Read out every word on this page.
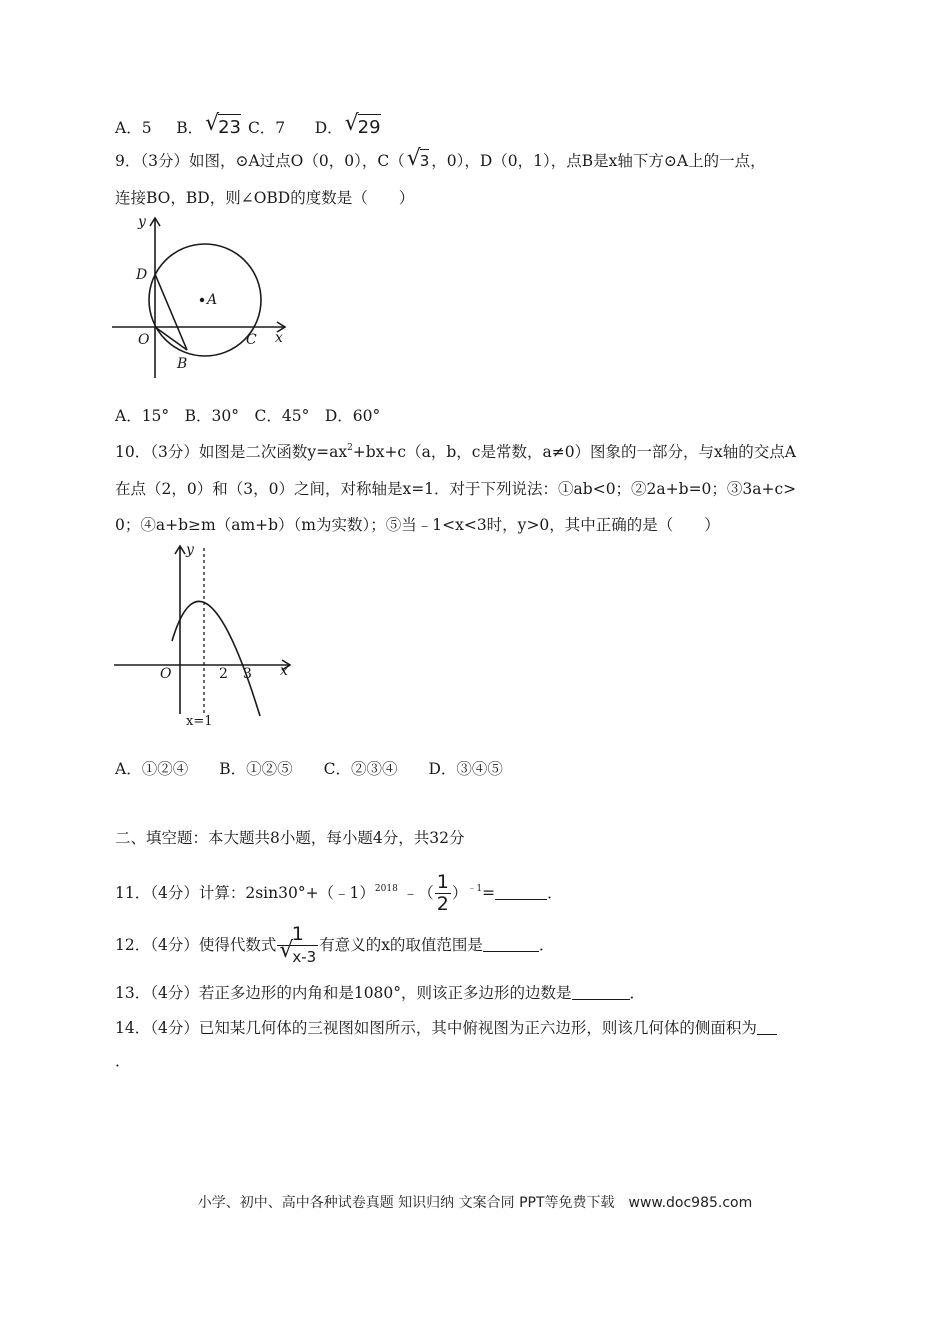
A．5 B． √
23 C．7 D． √
29
9．（3分）如图，⊙A过点O（0，0），C（ √
3 ，0），D（0，1），点B是x轴下方⊙A上的一点，
连接BO，BD，则∠OBD的度数是（　　）
y
D
A
O	C x
B
A．15°　B．30°　C．45°　D．60°
10．（3分）如图是二次函数$y=ax^2+bx+c(a$，b，c是常数，a≠0）图象的一部分，与x轴的交点A
在点（2，0）和（3，0）之间，对称轴是x=1．对于下列说法：①ab<0；②2a+b=0；③3a+c>
0；④a+b≥m（am+b）（m为实数）；⑤当﹣1<x<3时，y>0，其中正确的是（　　）
y
O	2 3 x
x=1
A．①②④　　B．①②⑤　　C．②③④　　D．③④⑤
二、填空题：本大题共8小题，每小题4分，共32分
11．（4分）计算：2sin30°+（﹣1）$^{2018}$ ﹣（ $\frac{1}{2} )^{﹣1}=$	．
12．（4分）使得代数式 1
√
x-3 有意义的x的取值范围是	．
13．（4分）若正多边形的内角和是1080°，则该正多边形的边数是	．
14．（4分）已知某几何体的三视图如图所示，其中俯视图为正六边形，则该几何体的侧面积为
．
小学、初中、高中各种试卷真题 知识归纳 文案合同 PPT等免费下载　www.doc985.com
